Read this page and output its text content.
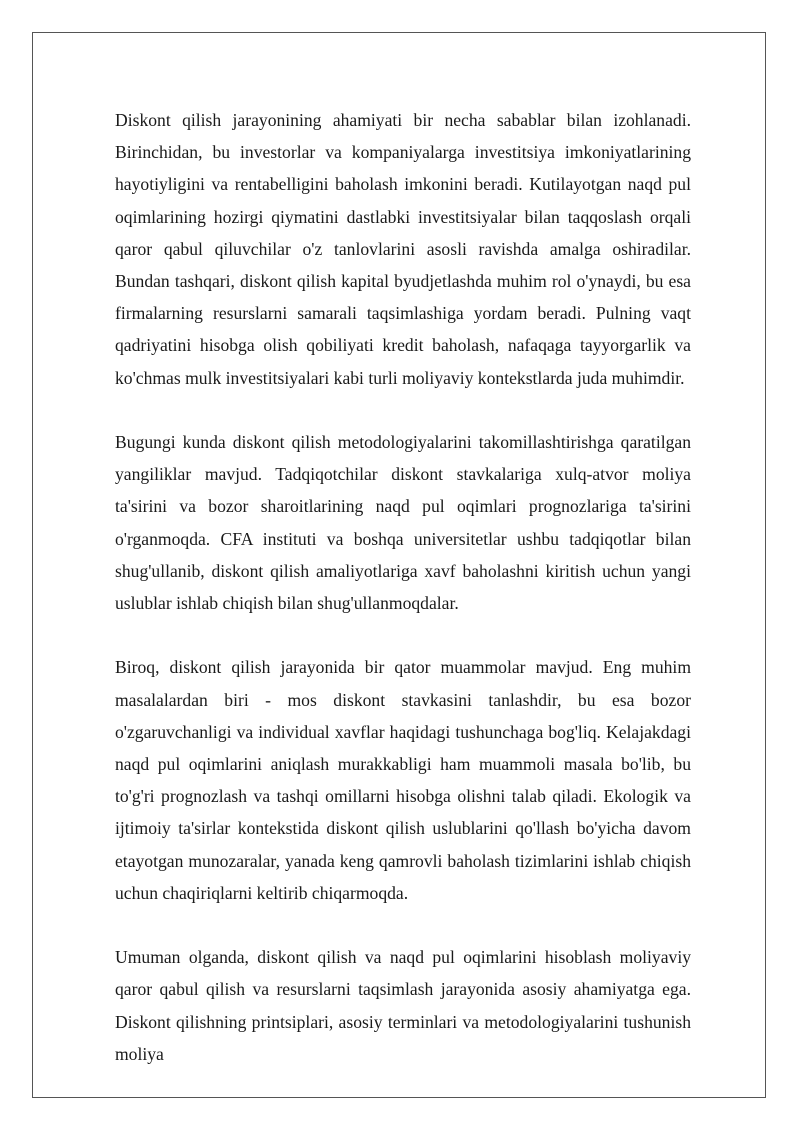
Diskont qilish jarayonining ahamiyati bir necha sabablar bilan izohlanadi. Birinchidan, bu investorlar va kompaniyalarga investitsiya imkoniyatlarining hayotiyligini va rentabelligini baholash imkonini beradi. Kutilayotgan naqd pul oqimlarining hozirgi qiymatini dastlabki investitsiyalar bilan taqqoslash orqali qaror qabul qiluvchilar o'z tanlovlarini asosli ravishda amalga oshiradilar. Bundan tashqari, diskont qilish kapital byudjetlashda muhim rol o'ynaydi, bu esa firmalarning resurslarni samarali taqsimlashiga yordam beradi. Pulning vaqt qadriyatini hisobga olish qobiliyati kredit baholash, nafaqaga tayyorgarlik va ko'chmas mulk investitsiyalari kabi turli moliyaviy kontekstlarda juda muhimdir.

Bugungi kunda diskont qilish metodologiyalarini takomillashtirishga qaratilgan yangiliklar mavjud. Tadqiqotchilar diskont stavkalariga xulq-atvor moliya ta'sirini va bozor sharoitlarining naqd pul oqimlari prognozlariga ta'sirini o'rganmoqda. CFA instituti va boshqa universitetlar ushbu tadqiqotlar bilan shug'ullanib, diskont qilish amaliyotlariga xavf baholashni kiritish uchun yangi uslublar ishlab chiqish bilan shug'ullanmoqdalar.

Biroq, diskont qilish jarayonida bir qator muammolar mavjud. Eng muhim masalalardan biri - mos diskont stavkasini tanlashdir, bu esa bozor o'zgaruvchanligi va individual xavflar haqidagi tushunchaga bog'liq. Kelajakdagi naqd pul oqimlarini aniqlash murakkabligi ham muammoli masala bo'lib, bu to'g'ri prognozlash va tashqi omillarni hisobga olishni talab qiladi. Ekologik va ijtimoiy ta'sirlar kontekstida diskont qilish uslublarini qo'llash bo'yicha davom etayotgan munozaralar, yanada keng qamrovli baholash tizimlarini ishlab chiqish uchun chaqiriqlarni keltirib chiqarmoqda.

Umuman olganda, diskont qilish va naqd pul oqimlarini hisoblash moliyaviy qaror qabul qilish va resurslarni taqsimlash jarayonida asosiy ahamiyatga ega. Diskont qilishning printsiplari, asosiy terminlari va metodologiyalarini tushunish moliya
